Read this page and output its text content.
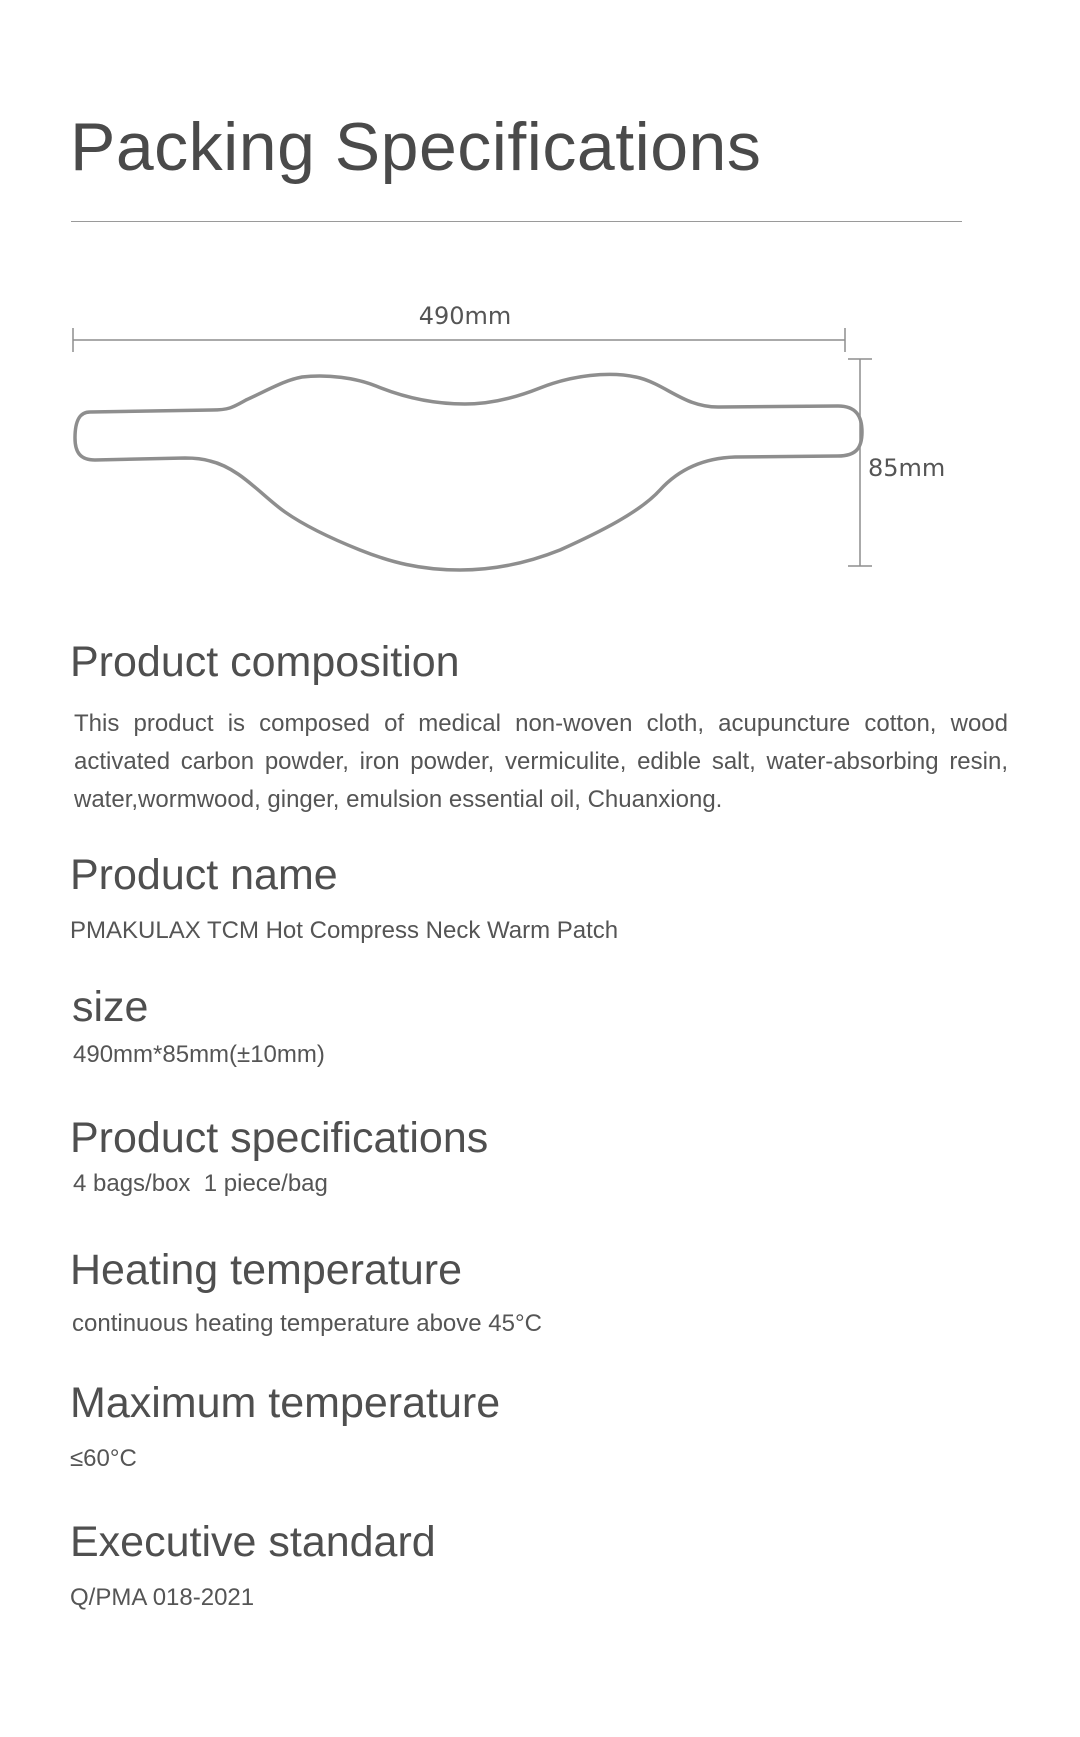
Packing Specifications
490mm
85mm
Product composition

This product is composed of medical non-woven cloth, acupuncture cotton, wood activated carbon powder, iron powder, vermiculite, edible salt, water-absorbing resin, water,wormwood, ginger, emulsion essential oil, Chuanxiong.

Product name

PMAKULAX TCM Hot Compress Neck Warm Patch

size

490mm*85mm(±10mm)

Product specifications

4 bags/box  1 piece/bag

Heating temperature

continuous heating temperature above 45°C

Maximum temperature

≤60°C

Executive standard

Q/PMA 018-2021
